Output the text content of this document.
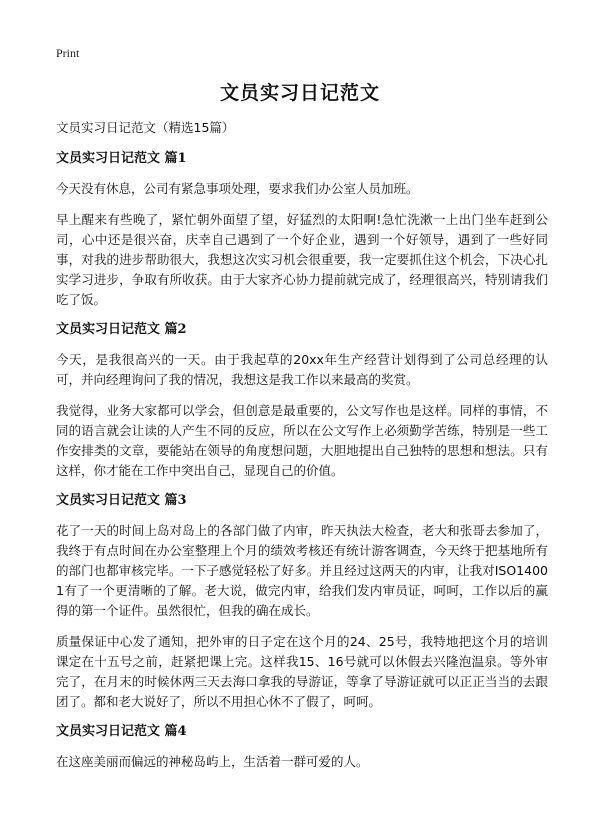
Print
文员实习日记范文

文员实习日记范文（精选15篇）

文员实习日记范文 篇1

今天没有休息，公司有紧急事项处理，要求我们办公室人员加班。

早上醒来有些晚了，紧忙朝外面望了望，好猛烈的太阳啊!急忙洗漱一上出门坐车赶到公司，心中还是很兴奋，庆幸自己遇到了一个好企业，遇到一个好领导，遇到了一些好同事，对我的进步帮助很大，我想这次实习机会很重要，我一定要抓住这个机会，下决心扎实学习进步，争取有所收获。由于大家齐心协力提前就完成了，经理很高兴，特别请我们吃了饭。

文员实习日记范文 篇2

今天，是我很高兴的一天。由于我起草的20xx年生产经营计划得到了公司总经理的认可，并向经理询问了我的情况，我想这是我工作以来最高的奖赏。

我觉得，业务大家都可以学会，但创意是最重要的，公文写作也是这样。同样的事情，不同的语言就会让读的人产生不同的反应，所以在公文写作上必须勤学苦练，特别是一些工作安排类的文章，要能站在领导的角度想问题，大胆地提出自己独特的思想和想法。只有这样，你才能在工作中突出自己，显现自己的价值。

文员实习日记范文 篇3

花了一天的时间上岛对岛上的各部门做了内审，昨天执法大检查，老大和张哥去参加了，我终于有点时间在办公室整理上个月的绩效考核还有统计游客调查，今天终于把基地所有的部门也都审核完毕。一下子感觉轻松了好多。并且经过这两天的内审，让我对ISO14001有了一个更清晰的了解。老大说，做完内审，给我们发内审员证，呵呵，工作以后的赢得的第一个证件。虽然很忙，但我的确在成长。

质量保证中心发了通知，把外审的日子定在这个月的24、25号，我特地把这个月的培训课定在十五号之前，赶紧把课上完。这样我15、16号就可以休假去兴隆泡温泉。等外审完了，在月末的时候休两三天去海口拿我的导游证，等拿了导游证就可以正正当当的去跟团了。都和老大说好了，所以不用担心休不了假了，呵呵。

文员实习日记范文 篇4

在这座美丽而偏远的神秘岛屿上，生活着一群可爱的人。
